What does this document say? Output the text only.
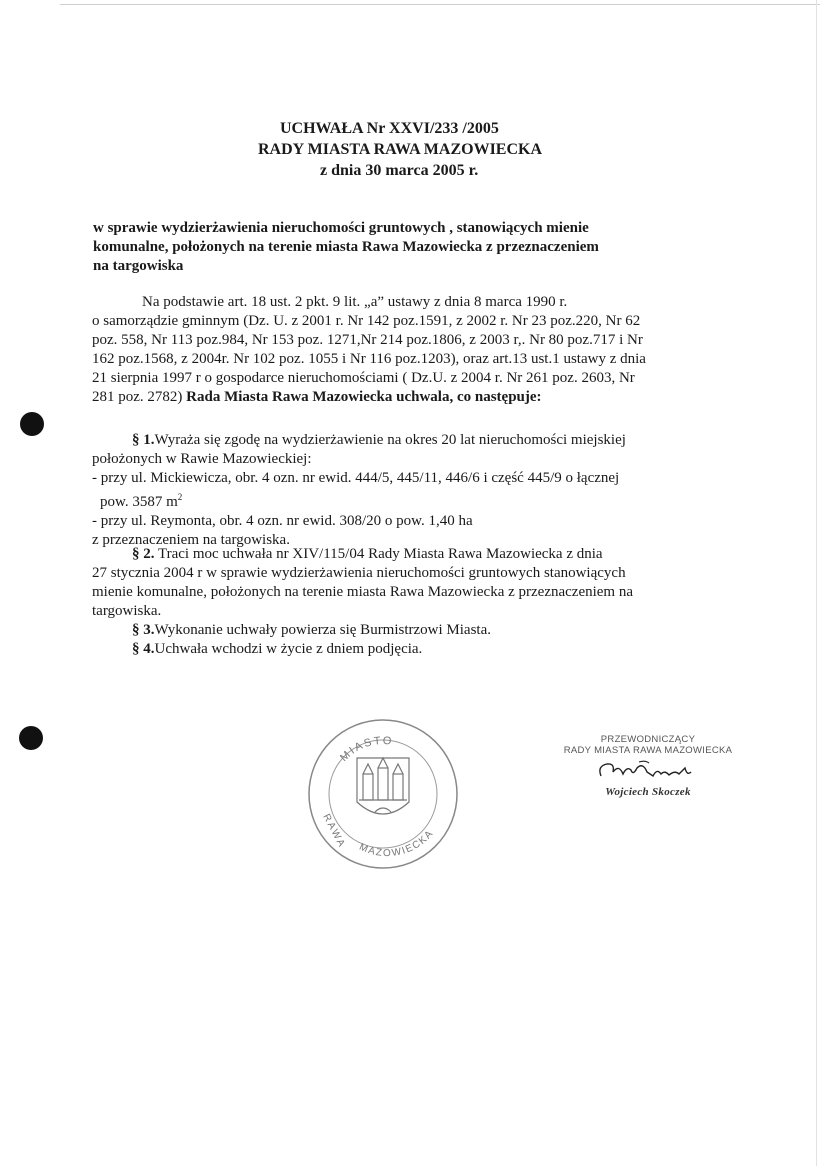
UCHWAŁA Nr XXVI/233 /2005
RADY MIASTA RAWA MAZOWIECKA
z dnia 30 marca 2005 r.
w sprawie wydzierżawienia nieruchomości gruntowych , stanowiących mienie
komunalne, położonych na terenie miasta Rawa Mazowiecka z przeznaczeniem
na targowiska
Na podstawie art. 18 ust. 2 pkt. 9 lit. „a” ustawy z dnia 8 marca 1990 r.
o samorządzie gminnym (Dz. U. z 2001 r. Nr 142 poz.1591, z 2002 r. Nr 23 poz.220, Nr 62
poz. 558, Nr 113 poz.984, Nr 153 poz. 1271,Nr 214 poz.1806, z 2003 r,. Nr 80 poz.717 i Nr
162 poz.1568, z 2004r. Nr 102 poz. 1055 i Nr 116 poz.1203), oraz art.13 ust.1 ustawy z dnia
21 sierpnia 1997 r o gospodarce nieruchomościami ( Dz.U. z 2004 r. Nr 261 poz. 2603, Nr
281 poz. 2782) Rada Miasta Rawa Mazowiecka uchwala, co następuje:
§ 1.Wyraża się zgodę na wydzierżawienie na okres 20 lat nieruchomości miejskiej
położonych w Rawie Mazowieckiej:
- przy ul. Mickiewicza, obr. 4 ozn. nr ewid. 444/5, 445/11, 446/6 i część 445/9 o łącznej
pow. 3587 $m^2$
- przy ul. Reymonta, obr. 4 ozn. nr ewid. 308/20 o pow. 1,40 ha
z przeznaczeniem na targowiska.
§ 2. Traci moc uchwała nr XIV/115/04 Rady Miasta Rawa Mazowiecka z dnia
27 stycznia 2004 r w sprawie wydzierżawienia nieruchomości gruntowych stanowiących
mienie komunalne, położonych na terenie miasta Rawa Mazowiecka z przeznaczeniem na
targowiska.
§ 3.Wykonanie uchwały powierza się Burmistrzowi Miasta.
§ 4.Uchwała wchodzi w życie z dniem podjęcia.
MIASTO
RAWA MAZOWIECKA
PRZEWODNICZĄCY
RADY MIASTA RAWA MAZOWIECKA
Wojciech Skoczek
